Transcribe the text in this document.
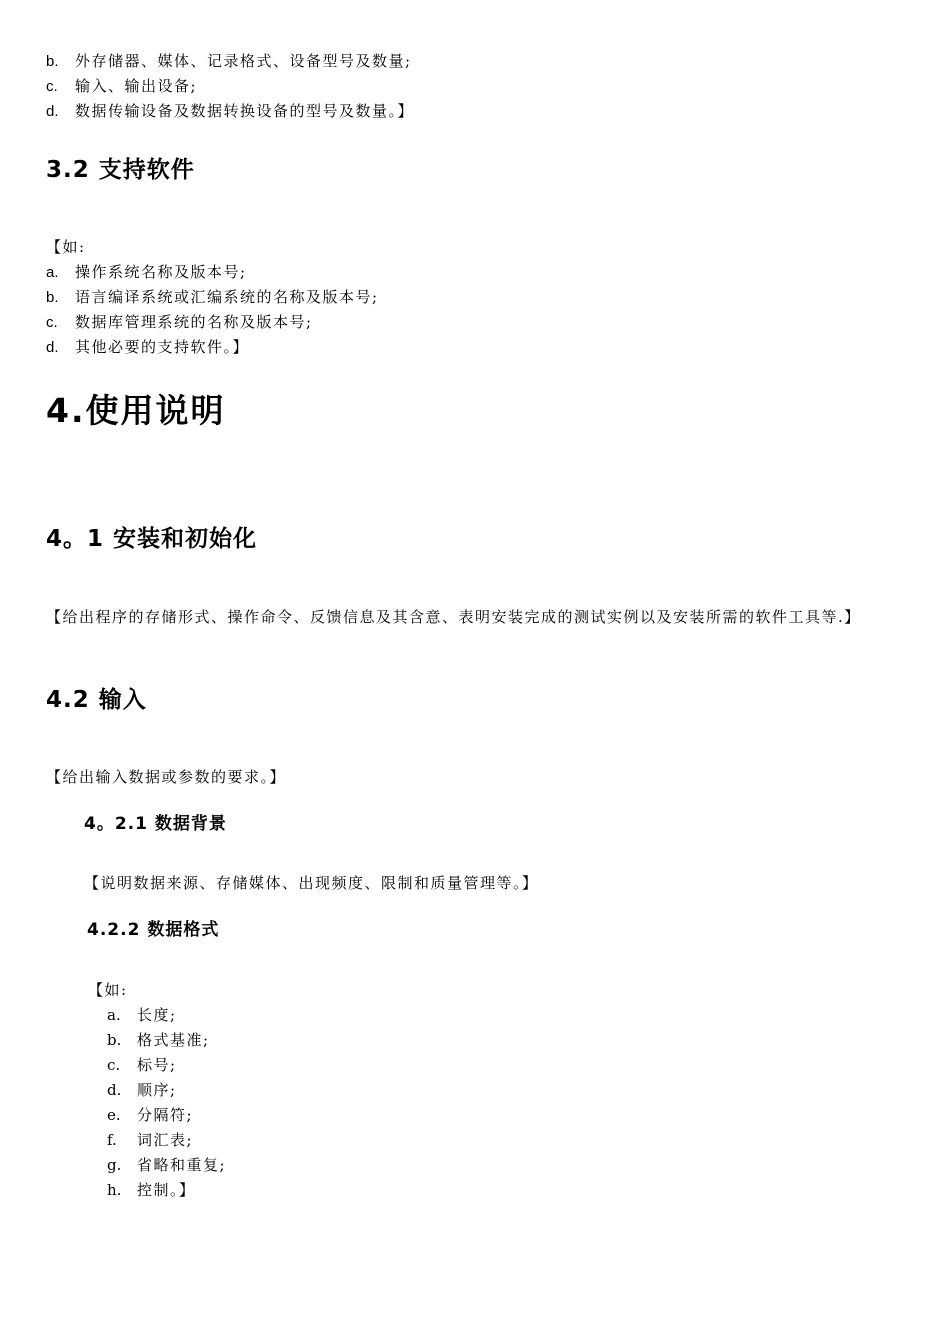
b. 外存储器、媒体、记录格式、设备型号及数量;
c. 输入、输出设备;
d. 数据传输设备及数据转换设备的型号及数量。】
3.2 支持软件
【如:
a. 操作系统名称及版本号;
b. 语言编译系统或汇编系统的名称及版本号;
c. 数据库管理系统的名称及版本号;
d. 其他必要的支持软件。】
4.使用说明
4。1 安装和初始化
【给出程序的存储形式、操作命令、反馈信息及其含意、表明安装完成的测试实例以及安装所需的软件工具等.】
4.2 输入
【给出输入数据或参数的要求。】
4。2.1 数据背景
【说明数据来源、存储媒体、出现频度、限制和质量管理等。】
4.2.2 数据格式
【如:
a. 长度;
b. 格式基准;
c. 标号;
d. 顺序;
e. 分隔符;
f. 词汇表;
g. 省略和重复;
h. 控制。】
